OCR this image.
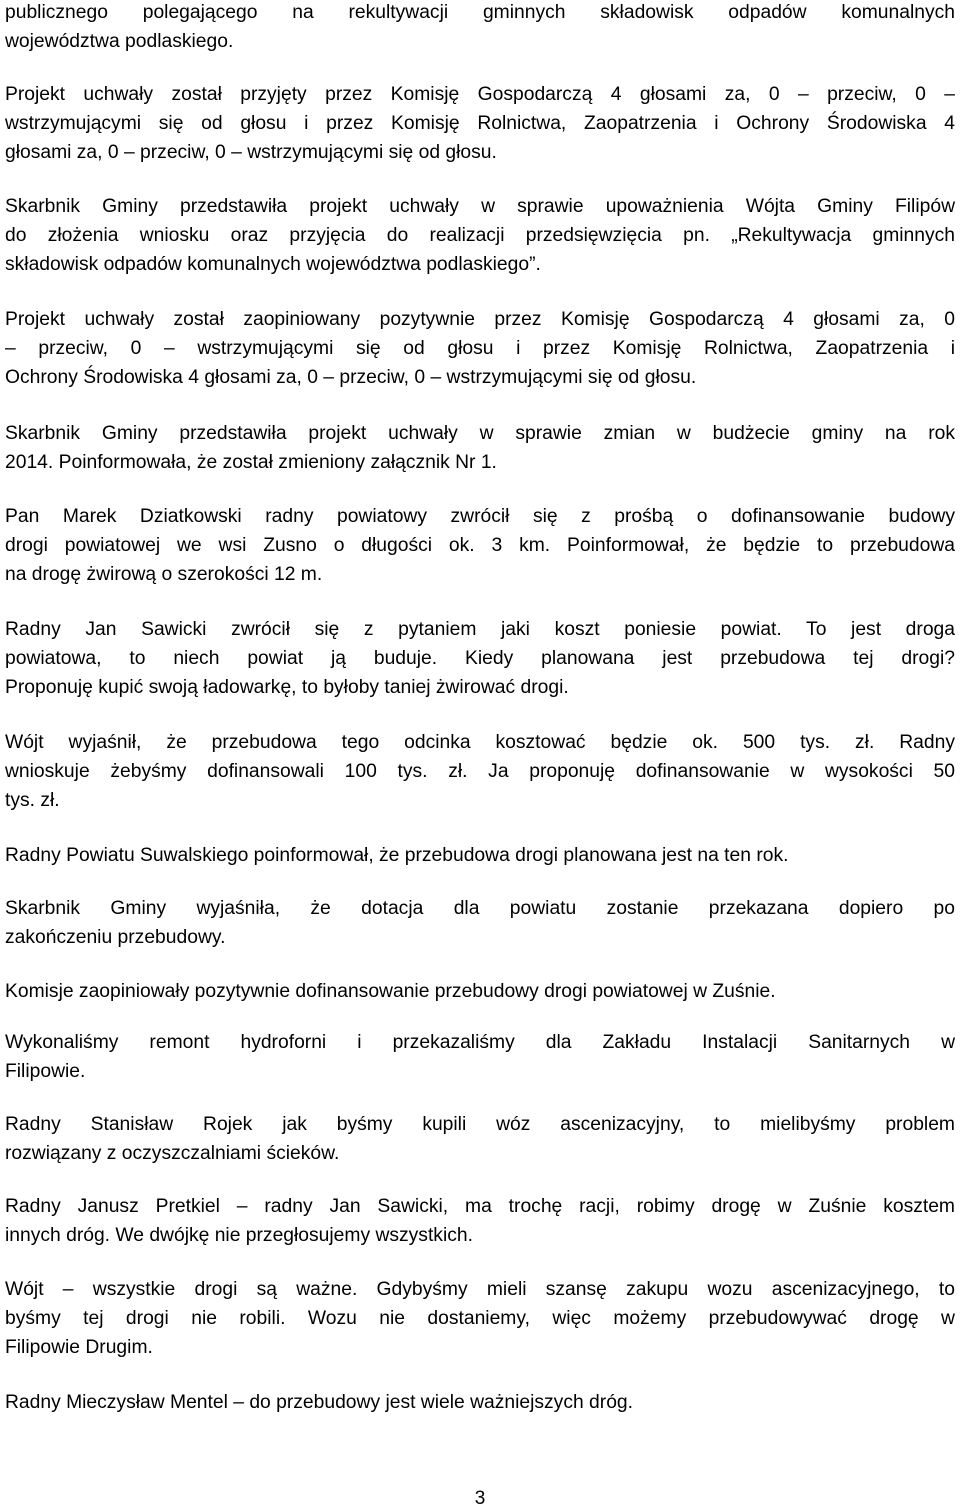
publicznego polegającego na rekultywacji gminnych składowisk odpadów komunalnych
województwa podlaskiego.

Projekt uchwały został przyjęty przez Komisję Gospodarczą 4 głosami za, 0 – przeciw, 0 –
wstrzymującymi się od głosu i przez Komisję Rolnictwa, Zaopatrzenia i Ochrony Środowiska 4
głosami za, 0 – przeciw, 0 – wstrzymującymi się od głosu.

Skarbnik Gminy przedstawiła projekt uchwały w sprawie upoważnienia Wójta Gminy Filipów
do złożenia wniosku oraz przyjęcia do realizacji przedsięwzięcia pn. „Rekultywacja gminnych
składowisk odpadów komunalnych województwa podlaskiego”.

Projekt uchwały został zaopiniowany pozytywnie przez Komisję Gospodarczą 4 głosami za, 0
– przeciw, 0 – wstrzymującymi się od głosu i przez Komisję Rolnictwa, Zaopatrzenia i
Ochrony Środowiska 4 głosami za, 0 – przeciw, 0 – wstrzymującymi się od głosu.

Skarbnik Gminy przedstawiła projekt uchwały w sprawie zmian w budżecie gminy na rok
2014. Poinformowała, że został zmieniony załącznik Nr 1.

Pan Marek Dziatkowski radny powiatowy zwrócił się z prośbą o dofinansowanie budowy
drogi powiatowej we wsi Zusno o długości ok. 3 km. Poinformował, że będzie to przebudowa
na drogę żwirową o szerokości 12 m.

Radny Jan Sawicki zwrócił się z pytaniem jaki koszt poniesie powiat. To jest droga
powiatowa, to niech powiat ją buduje. Kiedy planowana jest przebudowa tej drogi?
Proponuję kupić swoją ładowarkę, to byłoby taniej żwirować drogi.

Wójt wyjaśnił, że przebudowa tego odcinka kosztować będzie ok. 500 tys. zł. Radny
wnioskuje żebyśmy dofinansowali 100 tys. zł. Ja proponuję dofinansowanie w wysokości 50
tys. zł.

Radny Powiatu Suwalskiego poinformował, że przebudowa drogi planowana jest na ten rok.

Skarbnik Gminy wyjaśniła, że dotacja dla powiatu zostanie przekazana dopiero po
zakończeniu przebudowy.

Komisje zaopiniowały pozytywnie dofinansowanie przebudowy drogi powiatowej w Zuśnie.

Wykonaliśmy remont hydroforni i przekazaliśmy dla Zakładu Instalacji Sanitarnych w
Filipowie.

Radny Stanisław Rojek jak byśmy kupili wóz ascenizacyjny, to mielibyśmy problem
rozwiązany z oczyszczalniami ścieków.

Radny Janusz Pretkiel – radny Jan Sawicki, ma trochę racji, robimy drogę w Zuśnie kosztem
innych dróg. We dwójkę nie przegłosujemy wszystkich.

Wójt – wszystkie drogi są ważne. Gdybyśmy mieli szansę zakupu wozu ascenizacyjnego, to
byśmy tej drogi nie robili. Wozu nie dostaniemy, więc możemy przebudowywać drogę w
Filipowie Drugim.

Radny Mieczysław Mentel – do przebudowy jest wiele ważniejszych dróg.

3
